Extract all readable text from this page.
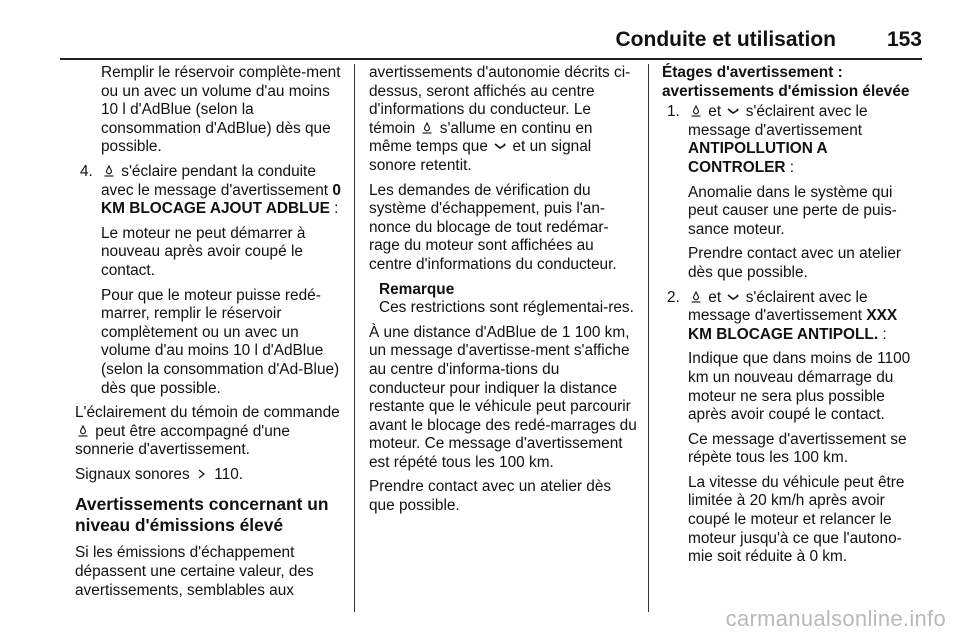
Conduite et utilisation 153

Remplir le réservoir complète-ment ou un avec un volume d'au moins 10 l d'AdBlue (selon la consommation d'AdBlue) dès que possible.

4. s'éclaire pendant la conduite avec le message d'avertissement 0 KM BLOCAGE AJOUT ADBLUE :

Le moteur ne peut démarrer à nouveau après avoir coupé le contact.

Pour que le moteur puisse redé-marrer, remplir le réservoir complètement ou un avec un volume d'au moins 10 l d'AdBlue (selon la consommation d'Ad-Blue) dès que possible.

L'éclairement du témoin de commande
peut être accompagné d'une sonnerie d'avertissement.

Signaux sonores 110.

Avertissements concernant un niveau d'émissions élevé

Si les émissions d'échappement dépassent une certaine valeur, des avertissements, semblables aux

avertissements d'autonomie décrits ci-dessus, seront affichés au centre d'informations du conducteur. Le témoin s'allume en continu en même temps que et un signal sonore retentit.

Les demandes de vérification du système d'échappement, puis l'an-nonce du blocage de tout redémar-rage du moteur sont affichées au centre d'informations du conducteur.

Remarque

Ces restrictions sont réglementai-res.

À une distance d'AdBlue de 1 100 km, un message d'avertisse-ment s'affiche au centre d'informa-tions du conducteur pour indiquer la distance restante que le véhicule peut parcourir avant le blocage des redé-marrages du moteur. Ce message d'avertissement est répété tous les 100 km.

Prendre contact avec un atelier dès que possible.

Étages d'avertissement : avertissements d'émission élevée

1. et s'éclairent avec le message d'avertissement ANTIPOLLUTION A CONTROLER :

Anomalie dans le système qui peut causer une perte de puis-sance moteur.

Prendre contact avec un atelier dès que possible.

2. et s'éclairent avec le message d'avertissement XXX KM BLOCAGE ANTIPOLL. :

Indique que dans moins de 1100 km un nouveau démarrage du moteur ne sera plus possible après avoir coupé le contact.

Ce message d'avertissement se répète tous les 100 km.

La vitesse du véhicule peut être limitée à 20 km/h après avoir coupé le moteur et relancer le moteur jusqu'à ce que l'autono-mie soit réduite à 0 km.

carmanualsonline.info
